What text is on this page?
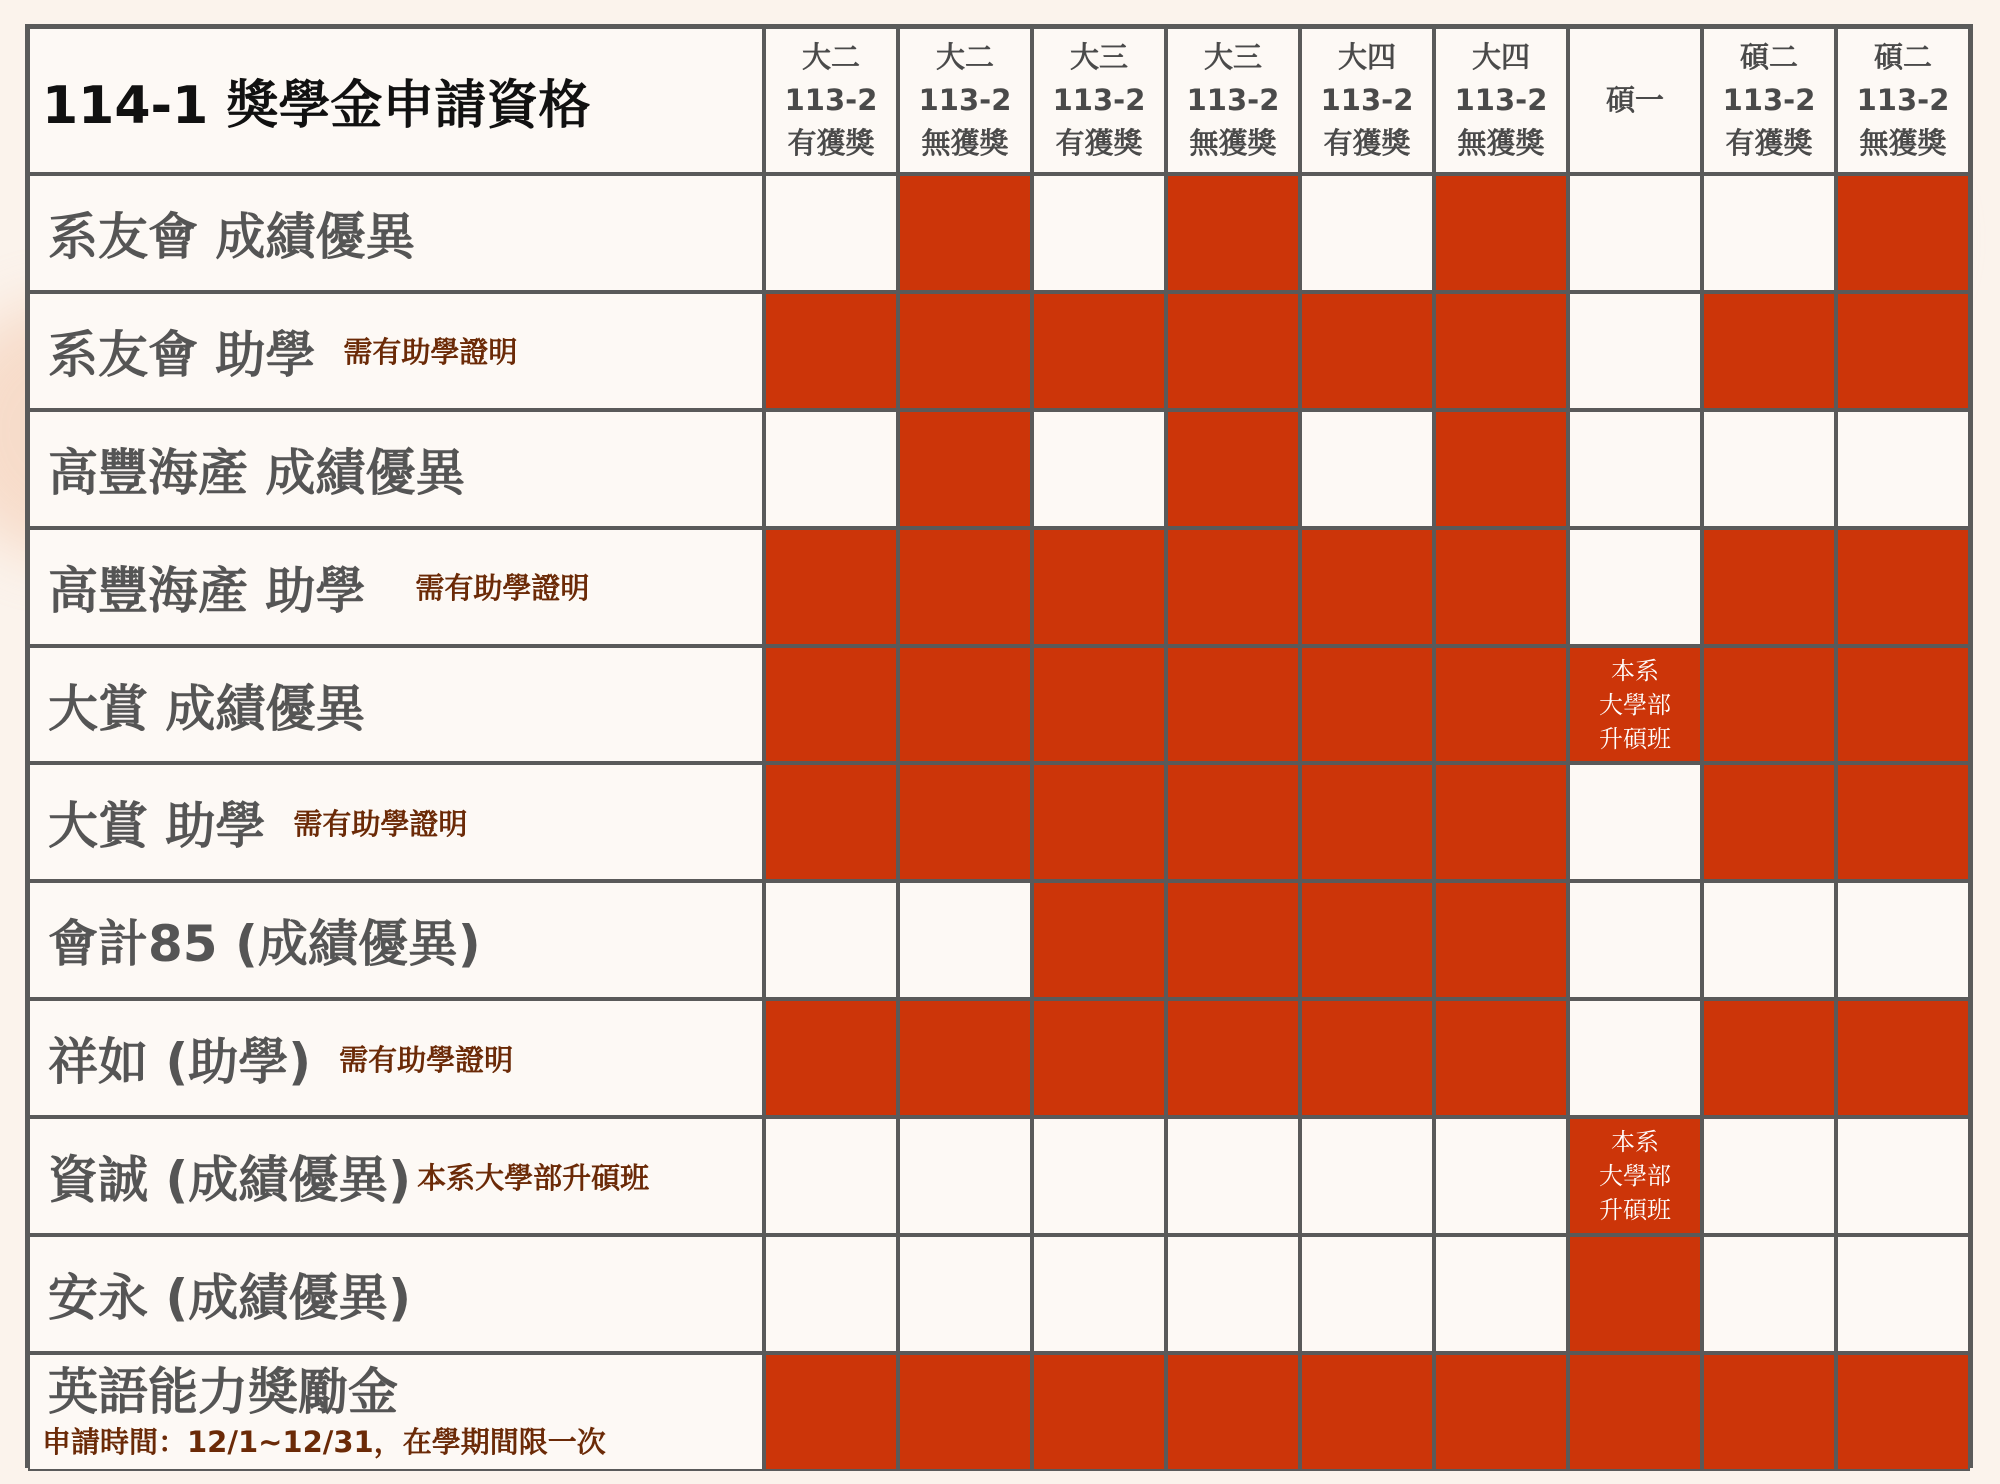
114-1 獎學金申請資格
大二
113-2
有獲獎
大二
113-2
無獲獎
大三
113-2
有獲獎
大三
113-2
無獲獎
大四
113-2
有獲獎
大四
113-2
無獲獎
碩一
碩二
113-2
有獲獎
碩二
113-2
無獲獎
系友會 成績優異
系友會 助學 需有助學證明
高豐海產 成績優異
高豐海產 助學 需有助學證明
大賞 成績優異
本系
大學部
升碩班
大賞 助學 需有助學證明
會計85 (成績優異)
祥如 (助學) 需有助學證明
資誠 (成績優異) 本系大學部升碩班
本系
大學部
升碩班
安永 (成績優異)
英語能力獎勵金
申請時間：12/1~12/31，在學期間限一次
